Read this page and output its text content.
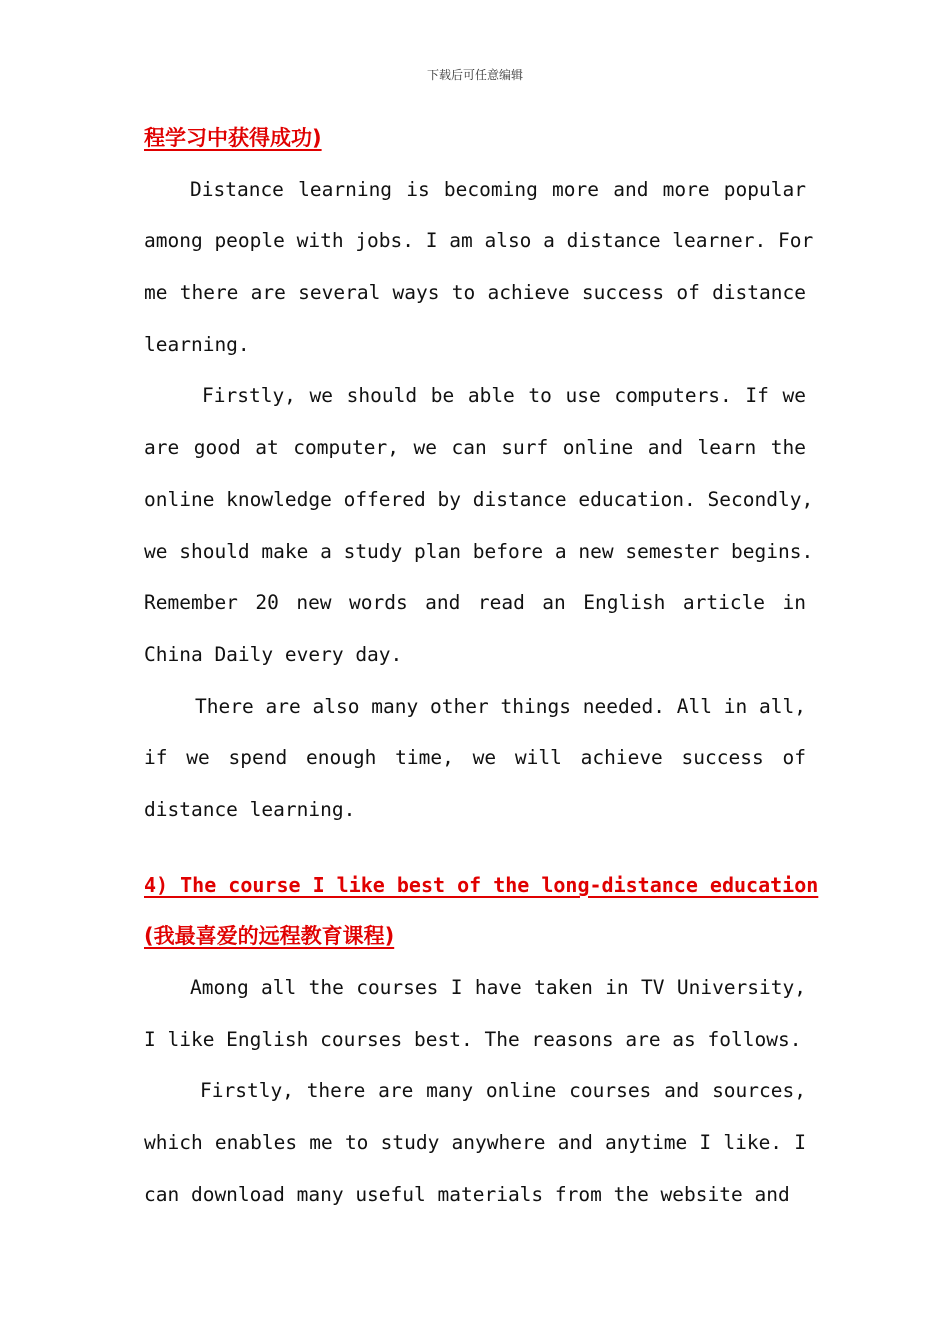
下载后可任意编辑
程学习中获得成功)
Distance learning is becoming more and more popular
among people with jobs. I am also a distance learner. For
me there are several ways to achieve success of distance
learning.
Firstly, we should be able to use computers. If we
are good at computer, we can surf online and learn the
online knowledge offered by distance education. Secondly,
we should make a study plan before a new semester begins.
Remember 20 new words and read an English article in
China Daily every day.
There are also many other things needed. All in all,
if we spend enough time, we will achieve success of
distance learning.
4) The course I like best of the long-distance education
(我最喜爱的远程教育课程)
Among all the courses I have taken in TV University,
I like English courses best. The reasons are as follows.
Firstly, there are many online courses and sources,
which enables me to study anywhere and anytime I like. I
can download many useful materials from the website and
